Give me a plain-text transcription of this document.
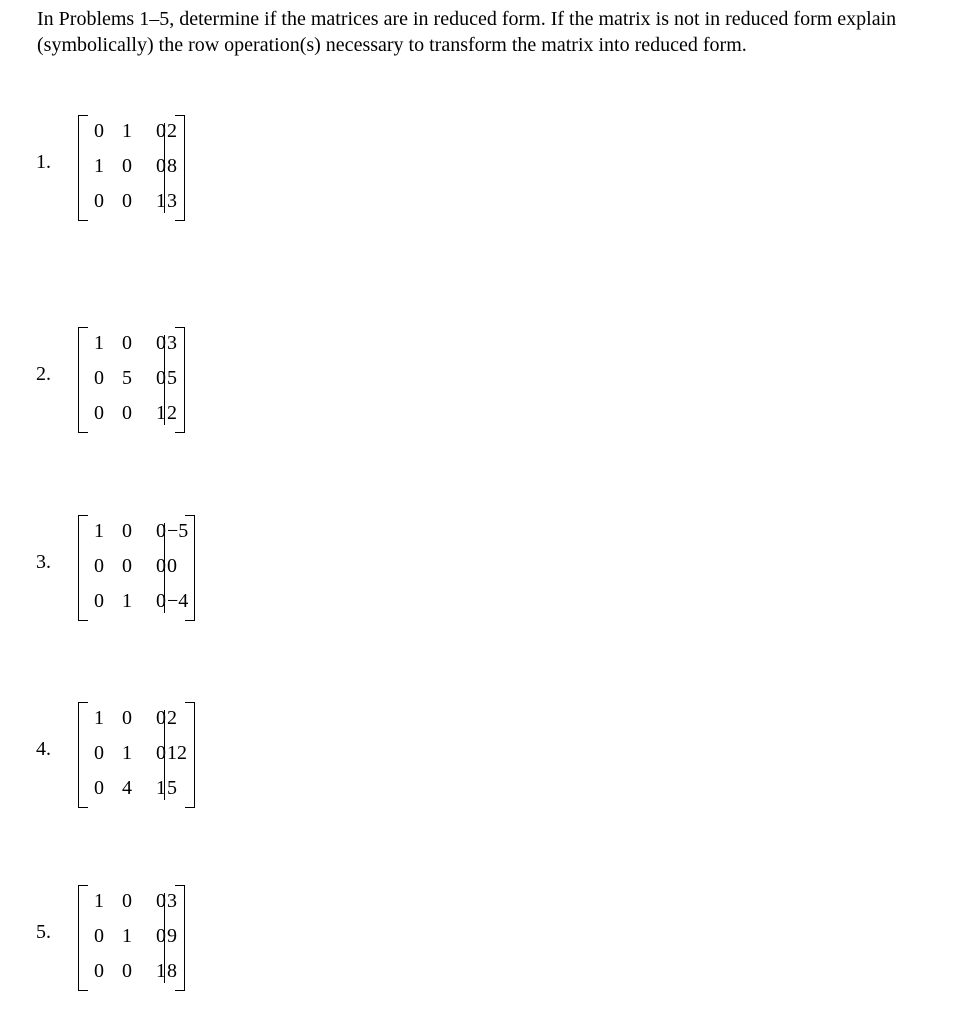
In Problems 1–5, determine if the matrices are in reduced form. If the matrix is not in reduced form explain (symbolically) the row operation(s) necessary to transform the matrix into reduced form.
1.
0 1	0 2
1 0	0 8
0 0	1 3
2.
1 0	0 3
0 5	0 5
0 0	1 2
3.
1 0	0 −5
0 0	0 0
0 1	0 −4
4.
1 0	0 2
0 1	0 12
0 4	1 5
5.
1 0	0 3
0 1	0 9
0 0	1 8
